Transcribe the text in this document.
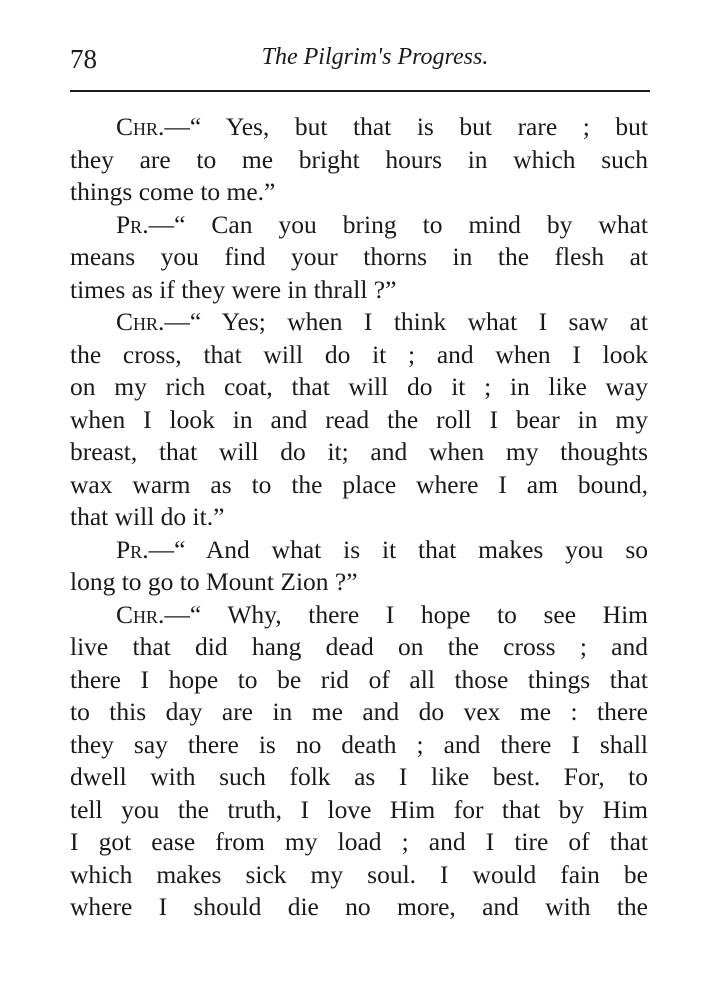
78	The Pilgrim's Progress.
Chr.—“ Yes, but that is but rare ; but
they are to me bright hours in which such
things come to me.”
Pr.—“ Can you bring to mind by what
means you find your thorns in the flesh at
times as if they were in thrall ?”
Chr.—“ Yes; when I think what I saw at
the cross, that will do it ; and when I look
on my rich coat, that will do it ; in like way
when I look in and read the roll I bear in my
breast, that will do it; and when my thoughts
wax warm as to the place where I am bound,
that will do it.”
Pr.—“ And what is it that makes you so
long to go to Mount Zion ?”
Chr.—“ Why, there I hope to see Him
live that did hang dead on the cross ; and
there I hope to be rid of all those things that
to this day are in me and do vex me : there
they say there is no death ; and there I shall
dwell with such folk as I like best. For, to
tell you the truth, I love Him for that by Him
I got ease from my load ; and I tire of that
which makes sick my soul. I would fain be
where I should die no more, and with the
